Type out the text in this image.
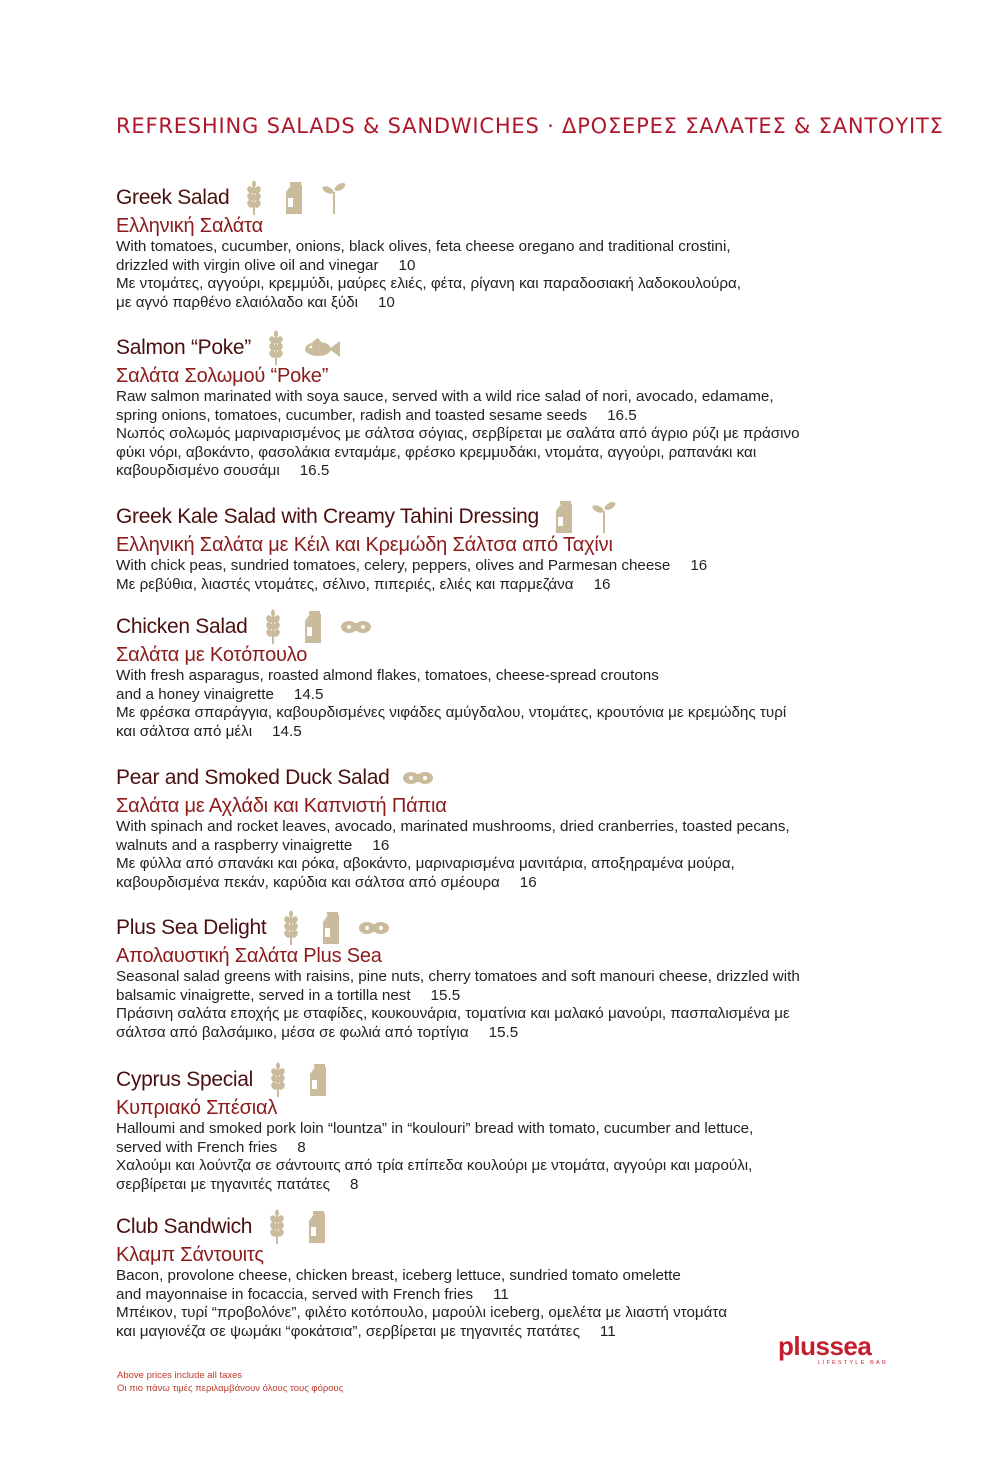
REFRESHING SALADS & SANDWICHES · ΔΡΟΣΕΡΕΣ ΣΑΛΑΤΕΣ & ΣΑΝΤΟΥΙΤΣ
Greek Salad
Ελληνική Σαλάτα
With tomatoes, cucumber, onions, black olives, feta cheese oregano and traditional crostini,
drizzled with virgin olive oil and vinegar 10
Με ντομάτες, αγγούρι, κρεμμύδι, μαύρες ελιές, φέτα, ρίγανη και παραδοσιακή λαδοκουλούρα,
με αγνό παρθένο ελαιόλαδο και ξύδι 10
Salmon “Poke”
Σαλάτα Σολωμού “Poke”
Raw salmon marinated with soya sauce, served with a wild rice salad of nori, avocado, edamame,
spring onions, tomatoes, cucumber, radish and toasted sesame seeds 16.5
Νωπός σολωμός μαριναρισμένος με σάλτσα σόγιας, σερβίρεται με σαλάτα από άγριο ρύζι με πράσινο
φύκι νόρι, αβοκάντο, φασολάκια ενταμάμε, φρέσκο κρεμμυδάκι, ντομάτα, αγγούρι, ραπανάκι και
καβουρδισμένο σουσάμι 16.5
Greek Kale Salad with Creamy Tahini Dressing
Ελληνική Σαλάτα με Κέιλ και Κρεμώδη Σάλτσα από Ταχίνι
With chick peas, sundried tomatoes, celery, peppers, olives and Parmesan cheese 16
Με ρεβύθια, λιαστές ντομάτες, σέλινο, πιπεριές, ελιές και παρμεζάνα 16
Chicken Salad
Σαλάτα με Κοτόπουλο
With fresh asparagus, roasted almond flakes, tomatoes, cheese-spread croutons
and a honey vinaigrette 14.5
Με φρέσκα σπαράγγια, καβουρδισμένες νιφάδες αμύγδαλου, ντομάτες, κρουτόνια με κρεμώδης τυρί
και σάλτσα από μέλι 14.5
Pear and Smoked Duck Salad
Σαλάτα με Αχλάδι και Καπνιστή Πάπια
With spinach and rocket leaves, avocado, marinated mushrooms, dried cranberries, toasted pecans,
walnuts and a raspberry vinaigrette 16
Με φύλλα από σπανάκι και ρόκα, αβοκάντο, μαριναρισμένα μανιτάρια, αποξηραμένα μούρα,
καβουρδισμένα πεκάν, καρύδια και σάλτσα από σμέουρα 16
Plus Sea Delight
Απολαυστική Σαλάτα Plus Sea
Seasonal salad greens with raisins, pine nuts, cherry tomatoes and soft manouri cheese, drizzled with
balsamic vinaigrette, served in a tortilla nest 15.5
Πράσινη σαλάτα εποχής με σταφίδες, κουκουνάρια, τοματίνια και μαλακό μανούρι, πασπαλισμένα με
σάλτσα από βαλσάμικο, μέσα σε φωλιά από τορτίγια 15.5
Cyprus Special
Κυπριακό Σπέσιαλ
Halloumi and smoked pork loin “lountza” in “koulouri” bread with tomato, cucumber and lettuce,
served with French fries 8
Χαλούμι και λούντζα σε σάντουιτς από τρία επίπεδα κουλούρι με ντομάτα, αγγούρι και μαρούλι,
σερβίρεται με τηγανιτές πατάτες 8
Club Sandwich
Κλαμπ Σάντουιτς
Bacon, provolone cheese, chicken breast, iceberg lettuce, sundried tomato omelette
and mayonnaise in focaccia, served with French fries 11
Μπέικον, τυρί “προβολόνε”, φιλέτο κοτόπουλο, μαρούλι iceberg, ομελέτα με λιαστή ντομάτα
και μαγιονέζα σε ψωμάκι “φοκάτσια”, σερβίρεται με τηγανιτές πατάτες 11
Above prices include all taxes
Οι πιο πάνω τιμές περιλαμβάνουν όλους τους φόρους
plussea
LIFESTYLE BAR
